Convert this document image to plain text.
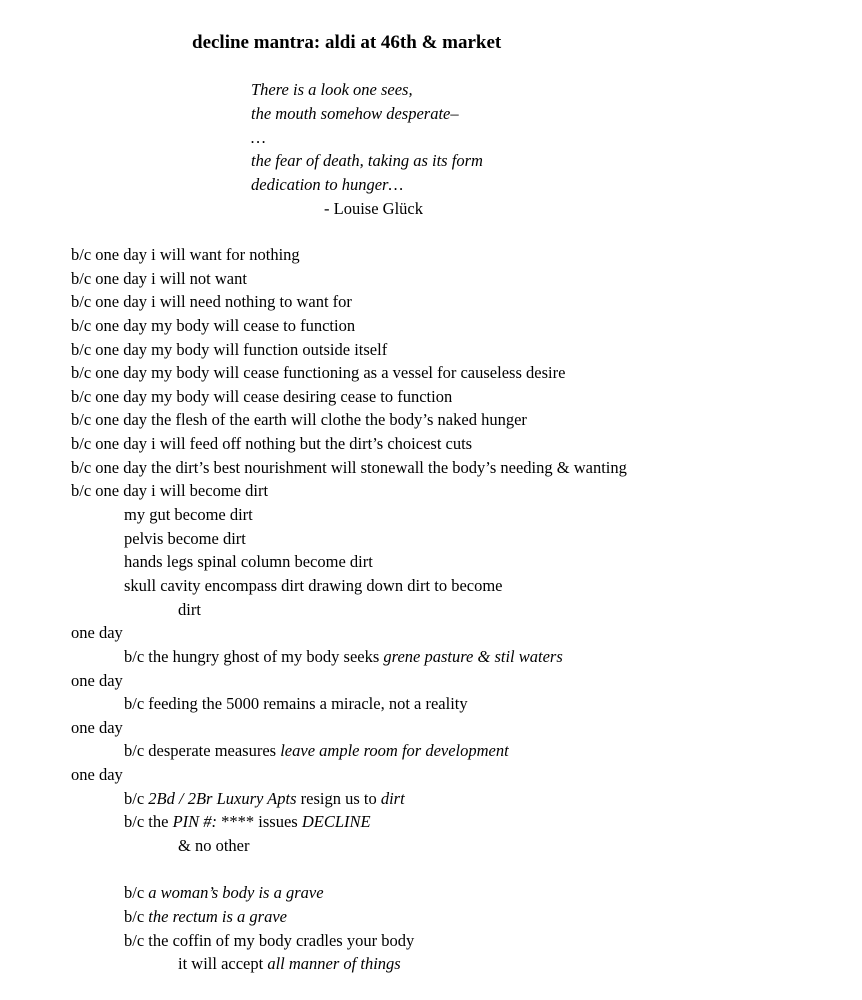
decline mantra: aldi at 46th & market
There is a look one sees,
the mouth somehow desperate–
…
the fear of death, taking as its form
dedication to hunger…
- Louise Glück
b/c one day i will want for nothing
b/c one day i will not want
b/c one day i will need nothing to want for
b/c one day my body will cease to function
b/c one day my body will function outside itself
b/c one day my body will cease functioning as a vessel for causeless desire
b/c one day my body will cease desiring cease to function
b/c one day the flesh of the earth will clothe the body’s naked hunger
b/c one day i will feed off nothing but the dirt’s choicest cuts
b/c one day the dirt’s best nourishment will stonewall the body’s needing & wanting
b/c one day i will become dirt
my gut become dirt
pelvis become dirt
hands legs spinal column become dirt
skull cavity encompass dirt drawing down dirt to become
dirt
one day
b/c the hungry ghost of my body seeks grene pasture & stil waters
one day
b/c feeding the 5000 remains a miracle, not a reality
one day
b/c desperate measures leave ample room for development
one day
b/c 2Bd / 2Br Luxury Apts resign us to dirt
b/c the PIN #: **** issues DECLINE
& no other
b/c a woman’s body is a grave
b/c the rectum is a grave
b/c the coffin of my body cradles your body
it will accept all manner of things
